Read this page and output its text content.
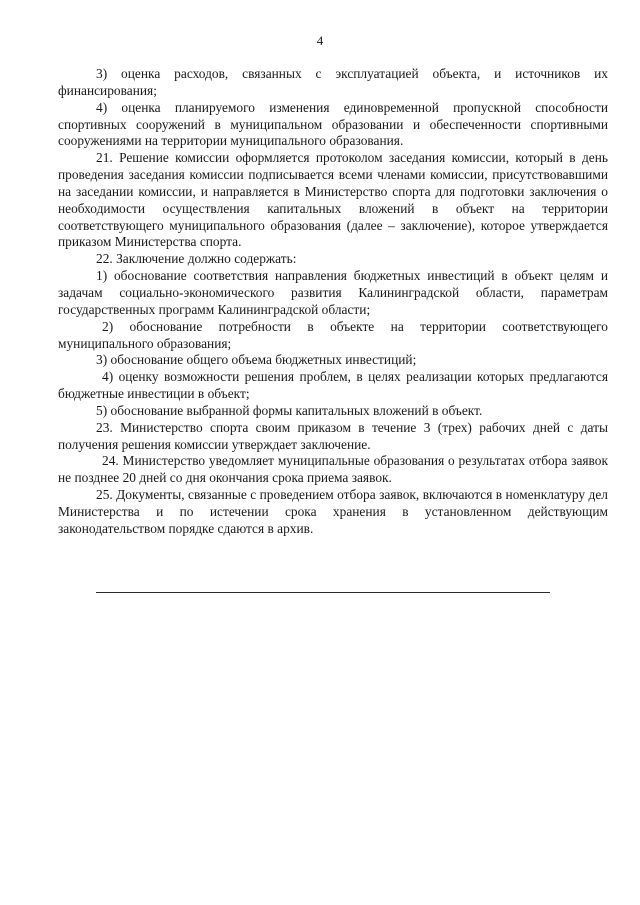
4

3) оценка расходов, связанных с эксплуатацией объекта, и источников их финансирования;

4) оценка планируемого изменения единовременной пропускной способности спортивных сооружений в муниципальном образовании и обеспеченности спортивными сооружениями на территории муниципального образования.

21. Решение комиссии оформляется протоколом заседания комиссии, который в день проведения заседания комиссии подписывается всеми членами комиссии, присутствовавшими на заседании комиссии, и направляется в Министерство спорта для подготовки заключения о необходимости осуществления капитальных вложений в объект на территории соответствующего муниципального образования (далее – заключение), которое утверждается приказом Министерства спорта.

22. Заключение должно содержать:

1) обоснование соответствия направления бюджетных инвестиций в объект целям и задачам социально-экономического развития Калининградской области, параметрам государственных программ Калининградской области;

2) обоснование потребности в объекте на территории соответствующего муниципального образования;

3) обоснование общего объема бюджетных инвестиций;

4) оценку возможности решения проблем, в целях реализации которых предлагаются бюджетные инвестиции в объект;

5) обоснование выбранной формы капитальных вложений в объект.

23. Министерство спорта своим приказом в течение 3 (трех) рабочих дней с даты получения решения комиссии утверждает заключение.

24. Министерство уведомляет муниципальные образования о результатах отбора заявок не позднее 20 дней со дня окончания срока приема заявок.

25. Документы, связанные с проведением отбора заявок, включаются в номенклатуру дел Министерства и по истечении срока хранения в установленном действующим законодательством порядке сдаются в архив.
